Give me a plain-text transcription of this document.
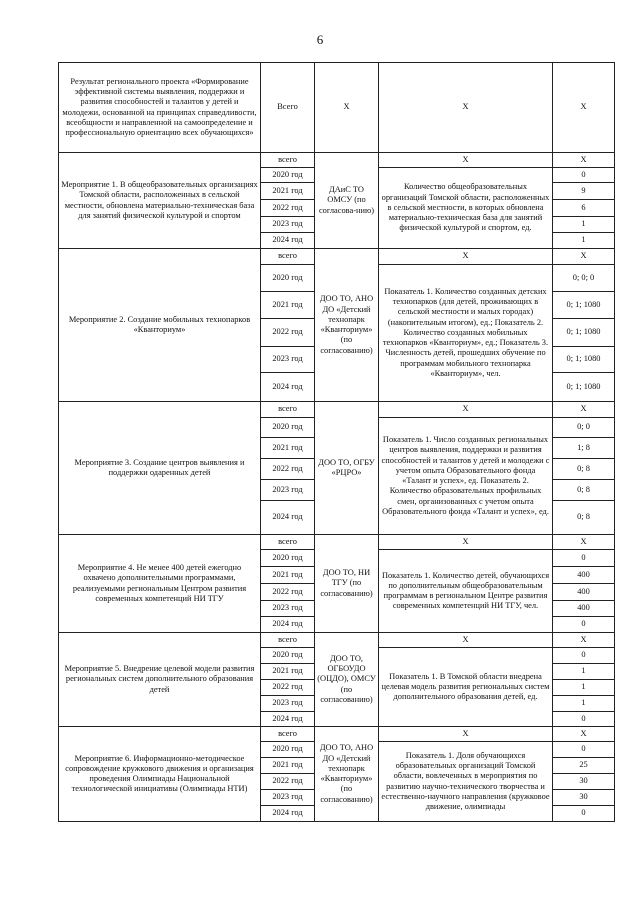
6
Результат регионального проекта «Формирование эффективной системы выявления, поддержки и развития способностей и талантов у детей и молодежи, основанной на принципах справедливости, всеобщности и направленной на самоопределение и профессиональную ориентацию всех обучающихся»	Всего	Х	Х	Х
Мероприятие 1. В общеобразовательных организациях Томской области, расположенных в сельской местности, обновлена материально-техническая база для занятий физической культурой и спортом	всего	ДАиС ТО ОМСУ (по согласова-нию)	Х	Х
	2020 год		Количество общеобразовательных организаций Томской области, расположенных в сельской местности, в которых обновлена материально-техническая база для занятий физической культурой и спортом, ед.	0
	2021 год			9
	2022 год			6
	2023 год			1
	2024 год			1
Мероприятие 2. Создание мобильных технопарков «Кванториум»	всего	ДОО ТО, АНО ДО «Детский технопарк «Кванториум» (по согласованию)	Х	Х
	2020 год		Показатель 1. Количество созданных детских технопарков (для детей, проживающих в сельской местности и малых городах) (накопительным итогом), ед.; Показатель 2. Количество созданных мобильных технопарков «Кванториум», ед.; Показатель 3. Численность детей, прошедших обучение по программам мобильного технопарка «Кванториум», чел.	0; 0; 0
	2021 год			0; 1; 1080
	2022 год			0; 1; 1080
	2023 год			0; 1; 1080
	2024 год			0; 1; 1080
Мероприятие 3. Создание центров выявления и поддержки одаренных детей	всего	ДОО ТО, ОГБУ «РЦРО»	Х	Х
	2020 год		Показатель 1. Число созданных региональных центров выявления, поддержки и развития способностей и талантов у детей и молодежи с учетом опыта Образовательного фонда «Талант и успех», ед. Показатель 2. Количество образовательных профильных смен, организованных с учетом опыта Образовательного фонда «Талант и успех», ед.	0; 0
	2021 год			1; 8
	2022 год			0; 8
	2023 год			0; 8
	2024 год			0; 8
Мероприятие 4. Не менее 400 детей ежегодно охвачено дополнительными программами, реализуемыми региональным Центром развития современных компетенций НИ ТГУ	всего	ДОО ТО, НИ ТГУ (по согласованию)	Х	Х
	2020 год		Показатель 1. Количество детей, обучающихся по дополнительным общеобразовательным программам в региональном Центре развития современных компетенций НИ ТГУ, чел.	0
	2021 год			400
	2022 год			400
	2023 год			400
	2024 год			0
Мероприятие 5. Внедрение целевой модели развития региональных систем дополнительного образования детей	всего	ДОО ТО, ОГБОУДО (ОЦДО), ОМСУ (по согласованию)	Х	Х
	2020 год		Показатель 1. В Томской области внедрена целевая модель развития региональных систем дополнительного образования детей, ед.	0
	2021 год			1
	2022 год			1
	2023 год			1
	2024 год			0
Мероприятие 6. Информационно-методическое сопровождение кружкового движения и организация проведения Олимпиады Национальной технологической инициативы (Олимпиады НТИ)	всего	ДОО ТО, АНО ДО «Детский технопарк «Кванториум» (по согласованию)	Х	Х
	2020 год		Показатель 1. Доля обучающихся образовательных организаций Томской области, вовлеченных в мероприятия по развитию научно-технического творчества и естественно-научного направления (кружковое движение, олимпиады	0
	2021 год			25
	2022 год			30
	2023 год			30
	2024 год			0
